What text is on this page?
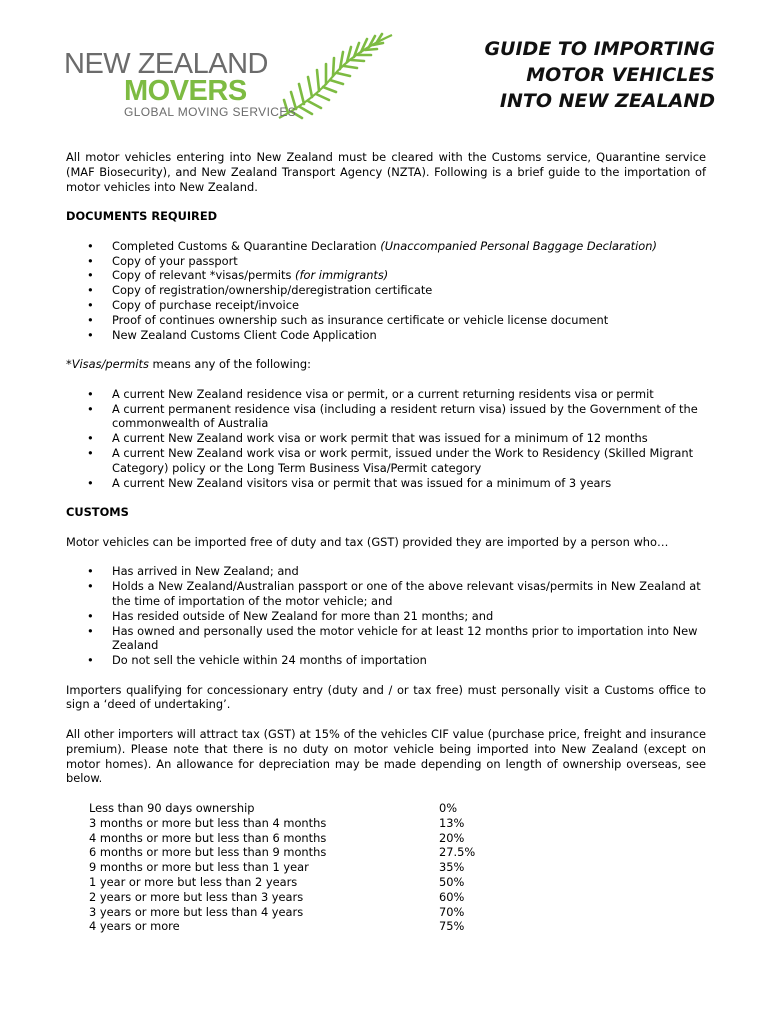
NEW ZEALAND
MOVERS
GLOBAL MOVING SERVICES
GUIDE TO IMPORTING
MOTOR VEHICLES
INTO NEW ZEALAND

All motor vehicles entering into New Zealand must be cleared with the Customs service, Quarantine service (MAF Biosecurity), and New Zealand Transport Agency (NZTA). Following is a brief guide to the importation of motor vehicles into New Zealand.

DOCUMENTS REQUIRED
• Completed Customs & Quarantine Declaration (Unaccompanied Personal Baggage Declaration)
• Copy of your passport
• Copy of relevant *visas/permits (for immigrants)
• Copy of registration/ownership/deregistration certificate
• Copy of purchase receipt/invoice
• Proof of continues ownership such as insurance certificate or vehicle license document
• New Zealand Customs Client Code Application

*Visas/permits means any of the following:

• A current New Zealand residence visa or permit, or a current returning residents visa or permit
• A current permanent residence visa (including a resident return visa) issued by the Government of the commonwealth of Australia
• A current New Zealand work visa or work permit that was issued for a minimum of 12 months
• A current New Zealand work visa or work permit, issued under the Work to Residency (Skilled Migrant Category) policy or the Long Term Business Visa/Permit category
• A current New Zealand visitors visa or permit that was issued for a minimum of 3 years
CUSTOMS

Motor vehicles can be imported free of duty and tax (GST) provided they are imported by a person who…

• Has arrived in New Zealand; and
• Holds a New Zealand/Australian passport or one of the above relevant visas/permits in New Zealand at the time of importation of the motor vehicle; and
• Has resided outside of New Zealand for more than 21 months; and
• Has owned and personally used the motor vehicle for at least 12 months prior to importation into New Zealand
• Do not sell the vehicle within 24 months of importation

Importers qualifying for concessionary entry (duty and / or tax free) must personally visit a Customs office to sign a ‘deed of undertaking’.

All other importers will attract tax (GST) at 15% of the vehicles CIF value (purchase price, freight and insurance premium). Please note that there is no duty on motor vehicle being imported into New Zealand (except on motor homes). An allowance for depreciation may be made depending on length of ownership overseas, see below.

Less than 90 days ownership	0%
3 months or more but less than 4 months	13%
4 months or more but less than 6 months	20%
6 months or more but less than 9 months	27.5%
9 months or more but less than 1 year	35%
1 year or more but less than 2 years	50%
2 years or more but less than 3 years	60%
3 years or more but less than 4 years	70%
4 years or more	75%
